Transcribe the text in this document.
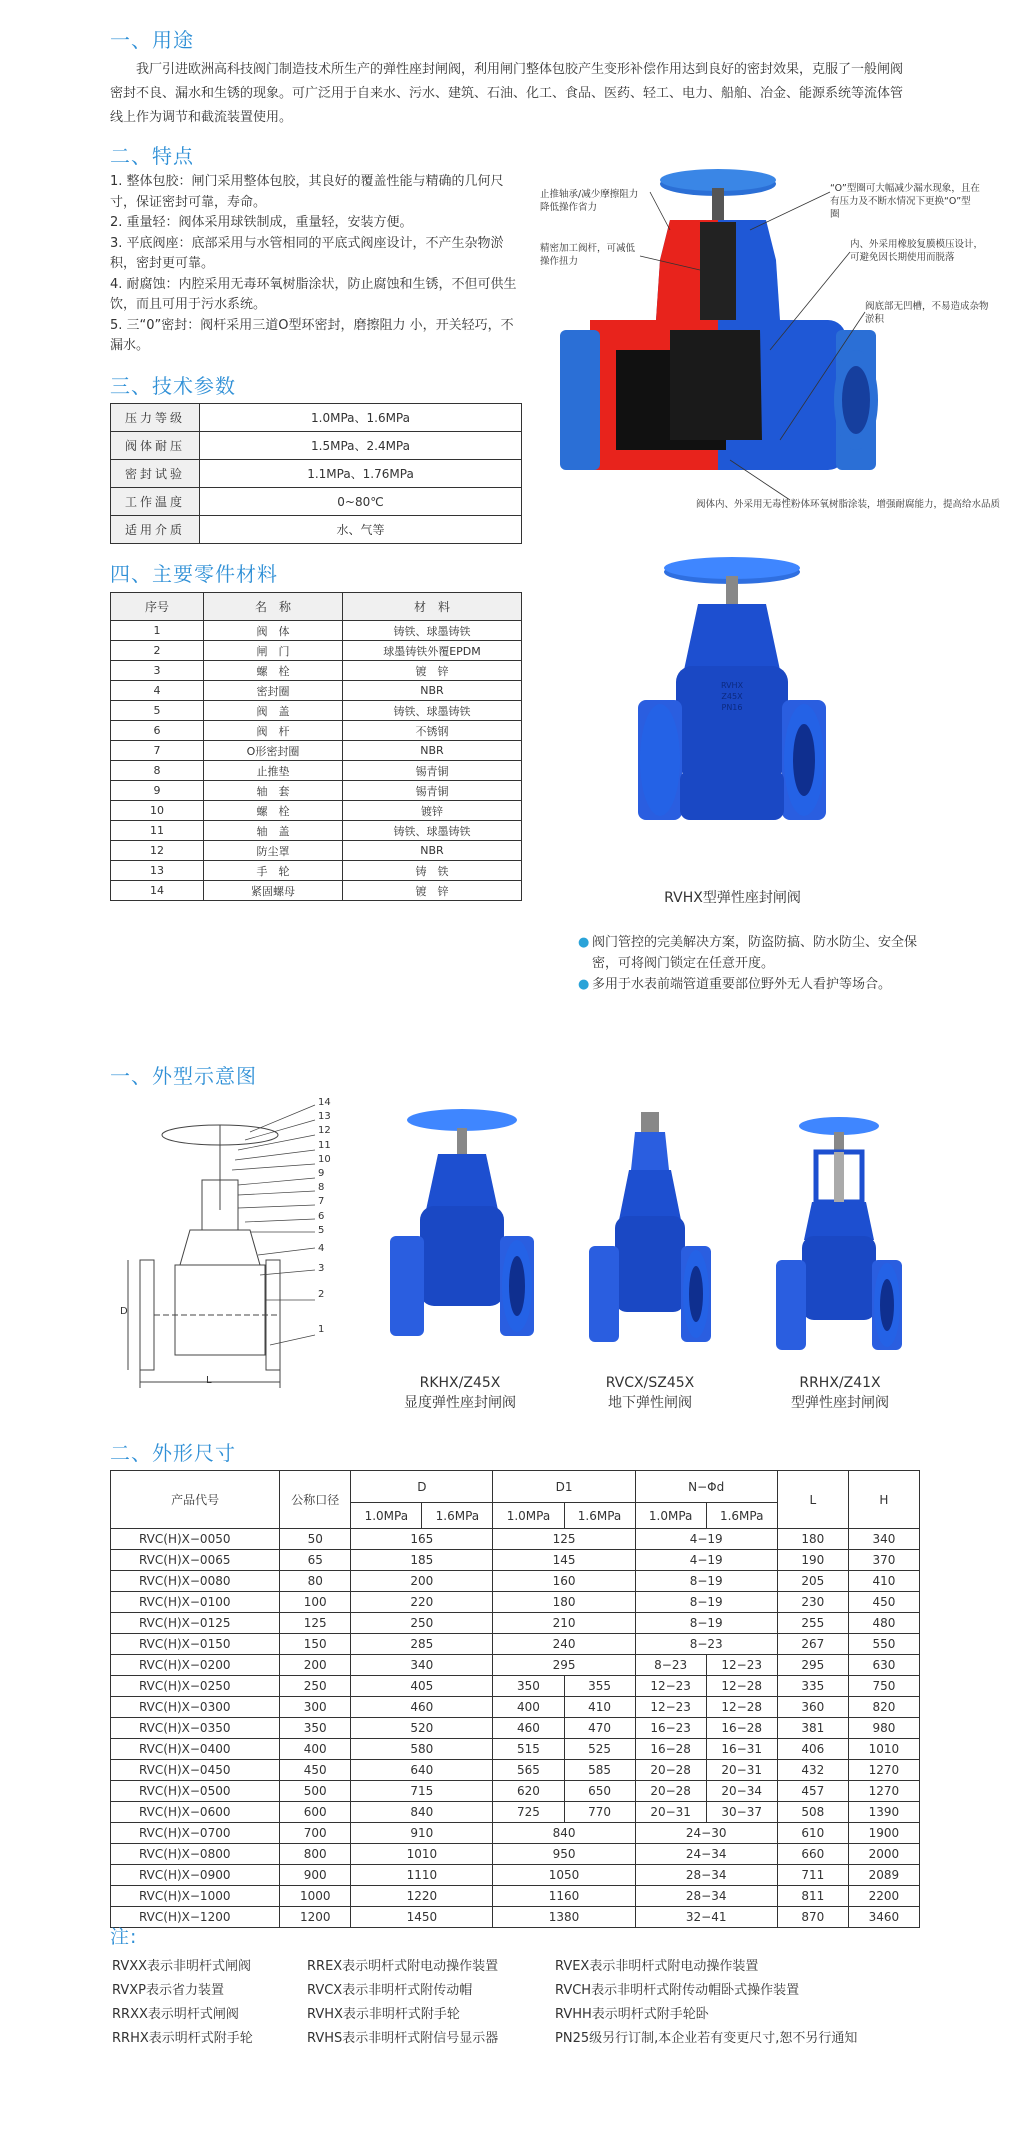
一、用途
我厂引进欧洲高科技阀门制造技术所生产的弹性座封闸阀，利用闸门整体包胶产生变形补偿作用达到良好的密封效果，克服了一般闸阀密封不良、漏水和生锈的现象。可广泛用于自来水、污水、建筑、石油、化工、食品、医药、轻工、电力、船舶、冶金、能源系统等流体管线上作为调节和截流装置使用。
二、特点
1. 整体包胶：闸门采用整体包胶，其良好的覆盖性能与精确的几何尺寸，保证密封可靠，寿命。
2. 重量轻：阀体采用球铁制成，重量轻，安装方便。
3. 平底阀座：底部采用与水管相同的平底式阀座设计，不产生杂物淤积，密封更可靠。
4. 耐腐蚀：内腔采用无毒环氧树脂涂状，防止腐蚀和生锈，不但可供生饮，而且可用于污水系统。
5. 三“0”密封：阀杆采用三道O型环密封，磨擦阻力 小，开关轻巧，不漏水。
三、技术参数
压力等级	1.0MPa、1.6MPa
阀体耐压	1.5MPa、2.4MPa
密封试验	1.1MPa、1.76MPa
工作温度	0~80℃
适用介质	水、气等
四、主要零件材料
序号	名　称	材　料
1	阀　体	铸铁、球墨铸铁
2	闸　门	球墨铸铁外覆EPDM
3	螺　栓	镀　锌
4	密封圈	NBR
5	阀　盖	铸铁、球墨铸铁
6	阀　杆	不锈钢
7	O形密封圈	NBR
8	止推垫	锡青铜
9	轴　套	锡青铜
10	螺　栓	镀锌
11	轴　盖	铸铁、球墨铸铁
12	防尘罩	NBR
13	手　轮	铸　铁
14	紧固螺母	镀　锌
止推轴承/减少摩擦阻力降低操作省力
“O”型圈可大幅减少漏水现象，且在有压力及不断水情况下更换“O”型圈
精密加工阀杆，可减低操作扭力
内、外采用橡胶复膜模压设计，可避免因长期使用而脱落
阀底部无凹槽，不易造成杂物淤积
阀体内、外采用无毒性粉体环氧树脂涂装，增强耐腐能力，提高给水品质
RVHX
Z45X
PN16
RVHX型弹性座封闸阀
● 阀门管控的完美解决方案，防盗防搞、防水防尘、安全保密，可将阀门锁定在任意开度。
● 多用于水表前端管道重要部位野外无人看护等场合。
一、外型示意图
14
13
12
11
10
9
8
7
6
5
4
3
2
1
D
L	RKHX/Z45X
显度弹性座封闸阀
RVCX/SZ45X
地下弹性闸阀
RRHX/Z41X
型弹性座封闸阀
二、外形尺寸
产品代号	公称口径	D		D1		N−Φd		L	H
		1.0MPa	1.6MPa	1.0MPa	1.6MPa	1.0MPa	1.6MPa		
RVC(H)X−0050	50	165		125		4−19		180	340
RVC(H)X−0065	65	185		145		4−19		190	370
RVC(H)X−0080	80	200		160		8−19		205	410
RVC(H)X−0100	100	220		180		8−19		230	450
RVC(H)X−0125	125	250		210		8−19		255	480
RVC(H)X−0150	150	285		240		8−23		267	550
RVC(H)X−0200	200	340		295		8−23	12−23	295	630
RVC(H)X−0250	250	405		350	355	12−23	12−28	335	750
RVC(H)X−0300	300	460		400	410	12−23	12−28	360	820
RVC(H)X−0350	350	520		460	470	16−23	16−28	381	980
RVC(H)X−0400	400	580		515	525	16−28	16−31	406	1010
RVC(H)X−0450	450	640		565	585	20−28	20−31	432	1270
RVC(H)X−0500	500	715		620	650	20−28	20−34	457	1270
RVC(H)X−0600	600	840		725	770	20−31	30−37	508	1390
RVC(H)X−0700	700	910		840		24−30		610	1900
RVC(H)X−0800	800	1010		950		24−34		660	2000
RVC(H)X−0900	900	1110		1050		28−34		711	2089
RVC(H)X−1000	1000	1220		1160		28−34		811	2200
RVC(H)X−1200	1200	1450		1380		32−41		870	3460
注:
RVXX表示非明杆式闸阀
RVXP表示省力装置
RRXX表示明杆式闸阀
RRHX表示明杆式附手轮
RREX表示明杆式附电动操作装置
RVCX表示非明杆式附传动帽
RVHX表示非明杆式附手轮
RVHS表示非明杆式附信号显示器
RVEX表示非明杆式附电动操作装置
RVCH表示非明杆式附传动帽卧式操作装置
RVHH表示明杆式附手轮卧
PN25级另行订制,本企业若有变更尺寸,恕不另行通知
